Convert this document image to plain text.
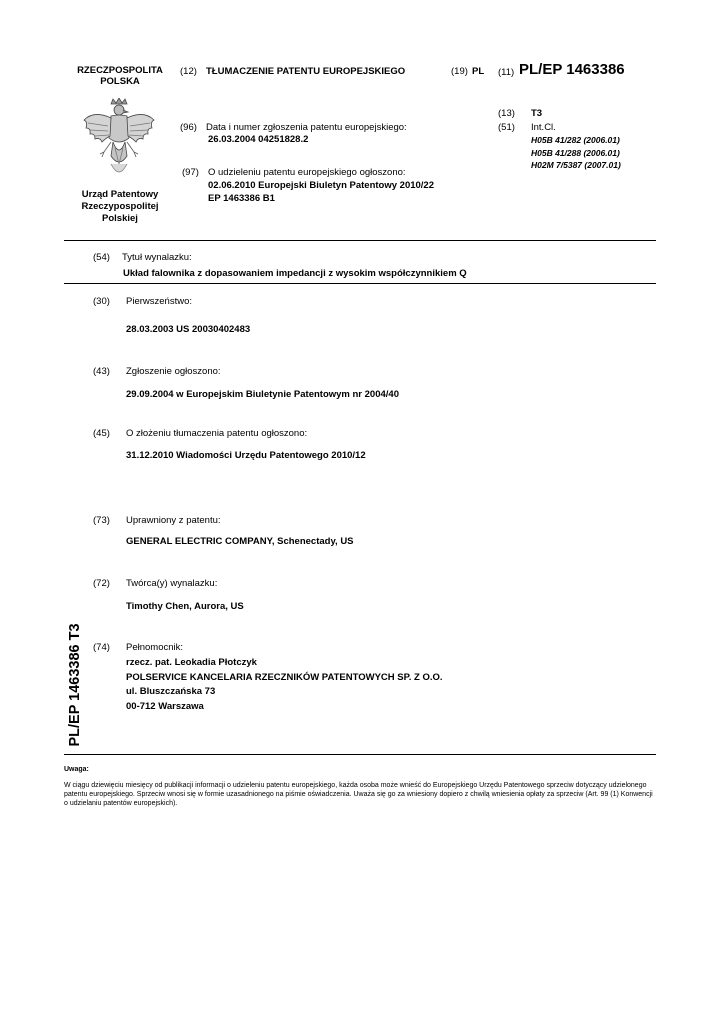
RZECZPOSPOLITA
POLSKA
Urząd Patentowy
Rzeczypospolitej
Polskiej
(12) TŁUMACZENIE PATENTU EUROPEJSKIEGO	(19) PL (11) PL/EP 1463386
(13) T3
(51) Int.Cl.
H05B 41/282 (2006.01)
H05B 41/288 (2006.01)
H02M 7/5387 (2007.01)
(96) Data i numer zgłoszenia patentu europejskiego:
26.03.2004 04251828.2
(97) O udzieleniu patentu europejskiego ogłoszono:
02.06.2010 Europejski Biuletyn Patentowy 2010/22
EP 1463386 B1
(54) Tytuł wynalazku:
Układ falownika z dopasowaniem impedancji z wysokim współczynnikiem Q
(30) Pierwszeństwo:
28.03.2003 US 20030402483
(43) Zgłoszenie ogłoszono:
29.09.2004 w Europejskim Biuletynie Patentowym nr 2004/40
(45) O złożeniu tłumaczenia patentu ogłoszono:
31.12.2010 Wiadomości Urzędu Patentowego 2010/12
(73) Uprawniony z patentu:
GENERAL ELECTRIC COMPANY, Schenectady, US
(72) Twórca(y) wynalazku:
Timothy Chen, Aurora, US
(74) Pełnomocnik:
rzecz. pat. Leokadia Płotczyk
POLSERVICE KANCELARIA RZECZNIKÓW PATENTOWYCH SP. Z O.O.
ul. Bluszczańska 73
00-712 Warszawa
PL/EP 1463386 T3
Uwaga:
W ciągu dziewięciu miesięcy od publikacji informacji o udzieleniu patentu europejskiego, każda osoba może wnieść do Europejskiego Urzędu Patentowego sprzeciw dotyczący udzielonego patentu europejskiego. Sprzeciw wnosi się w formie uzasadnionego na piśmie oświadczenia. Uważa się go za wniesiony dopiero z chwilą wniesienia opłaty za sprzeciw (Art. 99 (1) Konwencji o udzielaniu patentów europejskich).
